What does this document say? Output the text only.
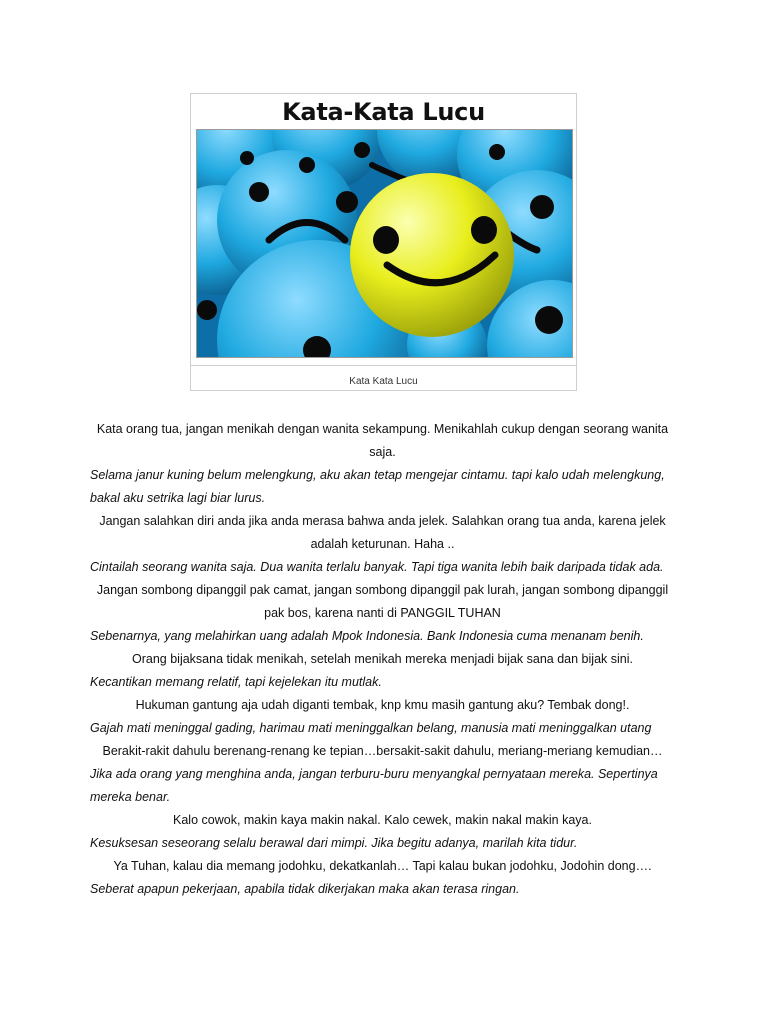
Kata-Kata Lucu
Kata Kata Lucu

Kata orang tua, jangan menikah dengan wanita sekampung. Menikahlah cukup dengan seorang wanita saja.

Selama janur kuning belum melengkung, aku akan tetap mengejar cintamu. tapi kalo udah melengkung, bakal aku setrika lagi biar lurus.

Jangan salahkan diri anda jika anda merasa bahwa anda jelek. Salahkan orang tua anda, karena jelek adalah keturunan. Haha ..

Cintailah seorang wanita saja. Dua wanita terlalu banyak. Tapi tiga wanita lebih baik daripada tidak ada.

Jangan sombong dipanggil pak camat, jangan sombong dipanggil pak lurah, jangan sombong dipanggil pak bos, karena nanti di PANGGIL TUHAN

Sebenarnya, yang melahirkan uang adalah Mpok Indonesia. Bank Indonesia cuma menanam benih.

Orang bijaksana tidak menikah, setelah menikah mereka menjadi bijak sana dan bijak sini.

Kecantikan memang relatif, tapi kejelekan itu mutlak.

Hukuman gantung aja udah diganti tembak, knp kmu masih gantung aku? Tembak dong!.

Gajah mati meninggal gading, harimau mati meninggalkan belang, manusia mati meninggalkan utang

Berakit-rakit dahulu berenang-renang ke tepian…bersakit-sakit dahulu, meriang-meriang kemudian…

Jika ada orang yang menghina anda, jangan terburu-buru menyangkal pernyataan mereka. Sepertinya mereka benar.

Kalo cowok, makin kaya makin nakal. Kalo cewek, makin nakal makin kaya.

Kesuksesan seseorang selalu berawal dari mimpi. Jika begitu adanya, marilah kita tidur.

Ya Tuhan, kalau dia memang jodohku, dekatkanlah… Tapi kalau bukan jodohku, Jodohin dong….

Seberat apapun pekerjaan, apabila tidak dikerjakan maka akan terasa ringan.
